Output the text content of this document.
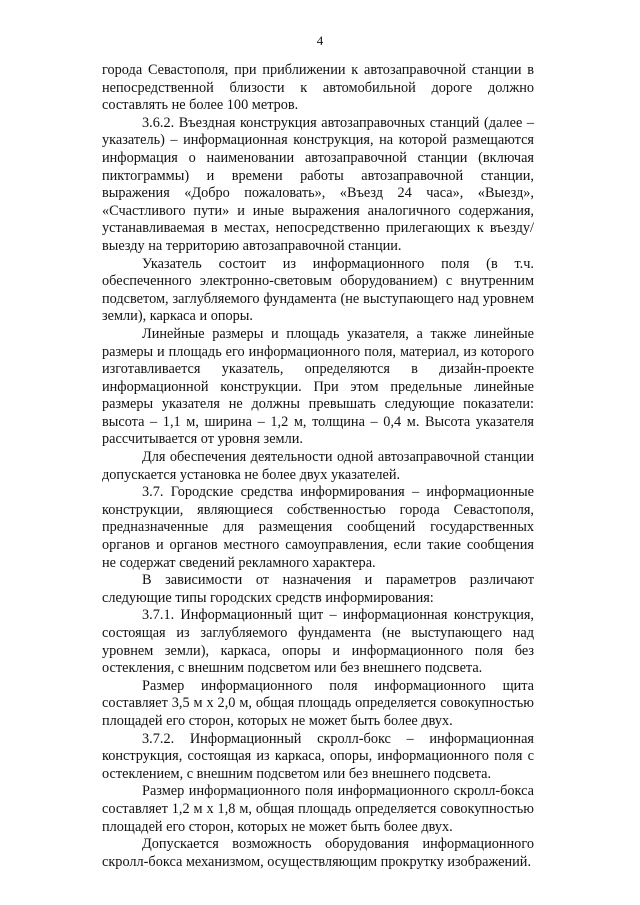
4

города Севастополя, при приближении к автозаправочной станции в непосредственной близости к автомобильной дороге должно составлять не более 100 метров.

3.6.2. Въездная конструкция автозаправочных станций (далее – указатель) – информационная конструкция, на которой размещаются информация о наименовании автозаправочной станции (включая пиктограммы) и времени работы автозаправочной станции, выражения «Добро пожаловать», «Въезд 24 часа», «Выезд», «Счастливого пути» и иные выражения аналогичного содержания, устанавливаемая в местах, непосредственно прилегающих к въезду/выезду на территорию автозаправочной станции.

Указатель состоит из информационного поля (в т.ч. обеспеченного электронно-световым оборудованием) с внутренним подсветом, заглубляемого фундамента (не выступающего над уровнем земли), каркаса и опоры.

Линейные размеры и площадь указателя, а также линейные размеры и площадь его информационного поля, материал, из которого изготавливается указатель, определяются в дизайн-проекте информационной конструкции. При этом предельные линейные размеры указателя не должны превышать следующие показатели: высота – 1,1 м, ширина – 1,2 м, толщина – 0,4 м. Высота указателя рассчитывается от уровня земли.

Для обеспечения деятельности одной автозаправочной станции допускается установка не более двух указателей.

3.7. Городские средства информирования – информационные конструкции, являющиеся собственностью города Севастополя, предназначенные для размещения сообщений государственных органов и органов местного самоуправления, если такие сообщения не содержат сведений рекламного характера.

В зависимости от назначения и параметров различают следующие типы городских средств информирования:

3.7.1. Информационный щит – информационная конструкция, состоящая из заглубляемого фундамента (не выступающего над уровнем земли), каркаса, опоры и информационного поля без остекления, с внешним подсветом или без внешнего подсвета.

Размер информационного поля информационного щита составляет 3,5 м х 2,0 м, общая площадь определяется совокупностью площадей его сторон, которых не может быть более двух.

3.7.2. Информационный скролл-бокс – информационная конструкция, состоящая из каркаса, опоры, информационного поля с остеклением, с внешним подсветом или без внешнего подсвета.

Размер информационного поля информационного скролл-бокса составляет 1,2 м х 1,8 м, общая площадь определяется совокупностью площадей его сторон, которых не может быть более двух.

Допускается возможность оборудования информационного скролл-бокса механизмом, осуществляющим прокрутку изображений.
